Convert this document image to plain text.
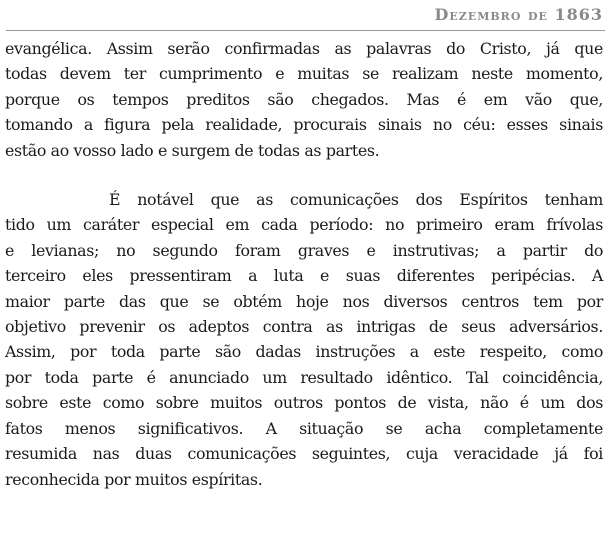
Dezembro de 1863
evangélica. Assim serão confirmadas as palavras do Cristo, já que
todas devem ter cumprimento e muitas se realizam neste momento,
porque os tempos preditos são chegados. Mas é em vão que,
tomando a figura pela realidade, procurais sinais no céu: esses sinais
estão ao vosso lado e surgem de todas as partes.
É notável que as comunicações dos Espíritos tenham
tido um caráter especial em cada período: no primeiro eram frívolas
e levianas; no segundo foram graves e instrutivas; a partir do
terceiro eles pressentiram a luta e suas diferentes peripécias. A
maior parte das que se obtém hoje nos diversos centros tem por
objetivo prevenir os adeptos contra as intrigas de seus adversários.
Assim, por toda parte são dadas instruções a este respeito, como
por toda parte é anunciado um resultado idêntico. Tal coincidência,
sobre este como sobre muitos outros pontos de vista, não é um dos
fatos menos significativos. A situação se acha completamente
resumida nas duas comunicações seguintes, cuja veracidade já foi
reconhecida por muitos espíritas.
